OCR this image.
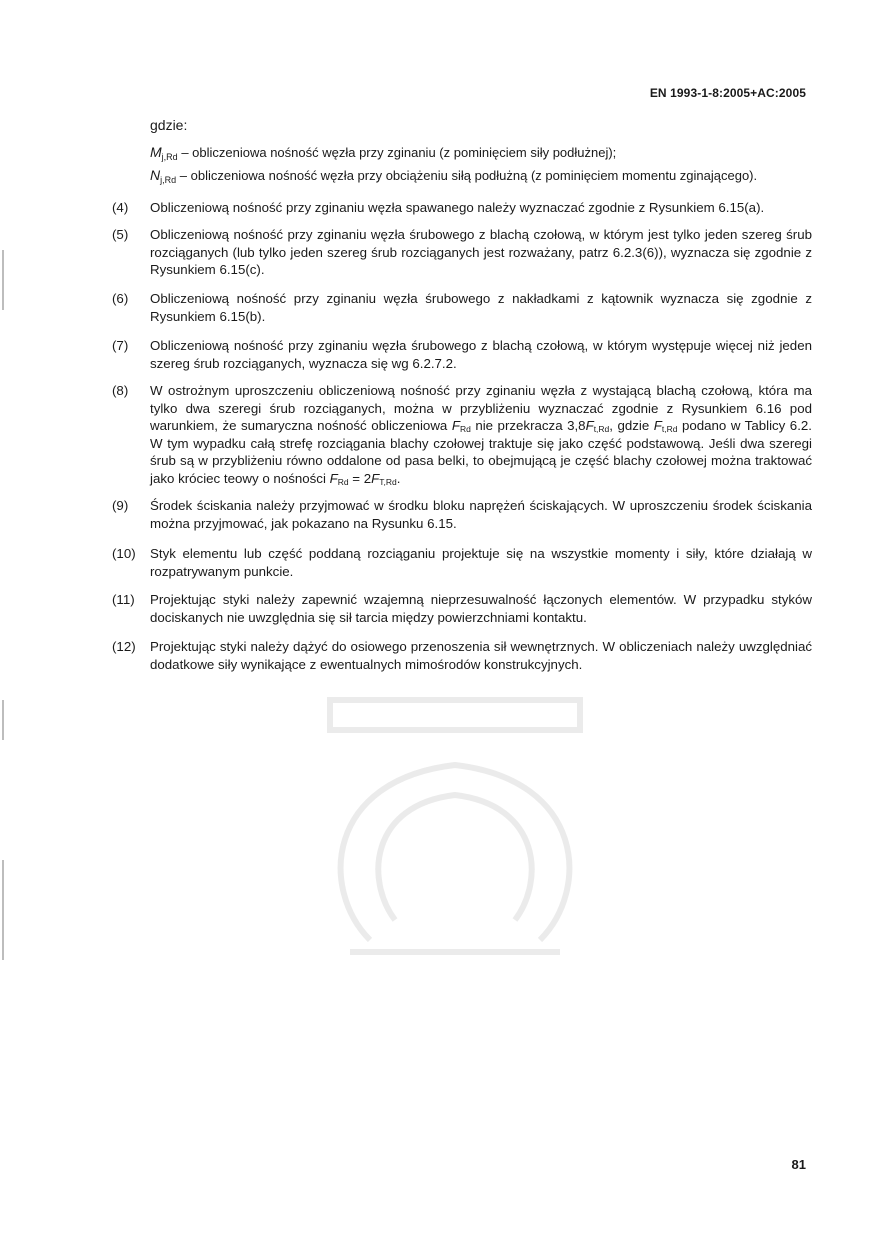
EN 1993-1-8:2005+AC:2005
gdzie:
$M_{j,Rd}$ – obliczeniowa nośność węzła przy zginaniu (z pominięciem siły podłużnej);
$N_{j,Rd}$ – obliczeniowa nośność węzła przy obciążeniu siłą podłużną (z pominięciem momentu zginającego).
(4)	Obliczeniową nośność przy zginaniu węzła spawanego należy wyznaczać zgodnie z Rysunkiem 6.15(a).
(5)	Obliczeniową nośność przy zginaniu węzła śrubowego z blachą czołową, w którym jest tylko jeden szereg śrub rozciąganych (lub tylko jeden szereg śrub rozciąganych jest rozważany, patrz 6.2.3(6)), wyznacza się zgodnie z Rysunkiem 6.15(c).
(6)	Obliczeniową nośność przy zginaniu węzła śrubowego z nakładkami z kątownik wyznacza się zgodnie z Rysunkiem 6.15(b).
(7)	Obliczeniową nośność przy zginaniu węzła śrubowego z blachą czołową, w którym występuje więcej niż jeden szereg śrub rozciąganych, wyznacza się wg 6.2.7.2.
(8)	W ostrożnym uproszczeniu obliczeniową nośność przy zginaniu węzła z wystającą blachą czołową, która ma tylko dwa szeregi śrub rozciąganych, można w przybliżeniu wyznaczać zgodnie z Rysunkiem 6.16 pod warunkiem, że sumaryczna nośność obliczeniowa $F_{Rd}$ nie przekracza $3,8F_{t,Rd}$, gdzie $F_{t,Rd}$ podano w Tablicy 6.2. W tym wypadku całą strefę rozciągania blachy czołowej traktuje się jako część podstawową. Jeśli dwa szeregi śrub są w przybliżeniu równo oddalone od pasa belki, to obejmującą je część blachy czołowej można traktować jako króciec teowy o nośności $F_{Rd} = 2F_{T,Rd}$.
(9)	Środek ściskania należy przyjmować w środku bloku naprężeń ściskających. W uproszczeniu środek ściskania można przyjmować, jak pokazano na Rysunku 6.15.
(10)	Styk elementu lub część poddaną rozciąganiu projektuje się na wszystkie momenty i siły, które działają w rozpatrywanym punkcie.
(11)	Projektując styki należy zapewnić wzajemną nieprzesuwalność łączonych elementów. W przypadku styków dociskanych nie uwzględnia się sił tarcia między powierzchniami kontaktu.
(12)	Projektując styki należy dążyć do osiowego przenoszenia sił wewnętrznych. W obliczeniach należy uwzględniać dodatkowe siły wynikające z ewentualnych mimośrodów konstrukcyjnych.
81
